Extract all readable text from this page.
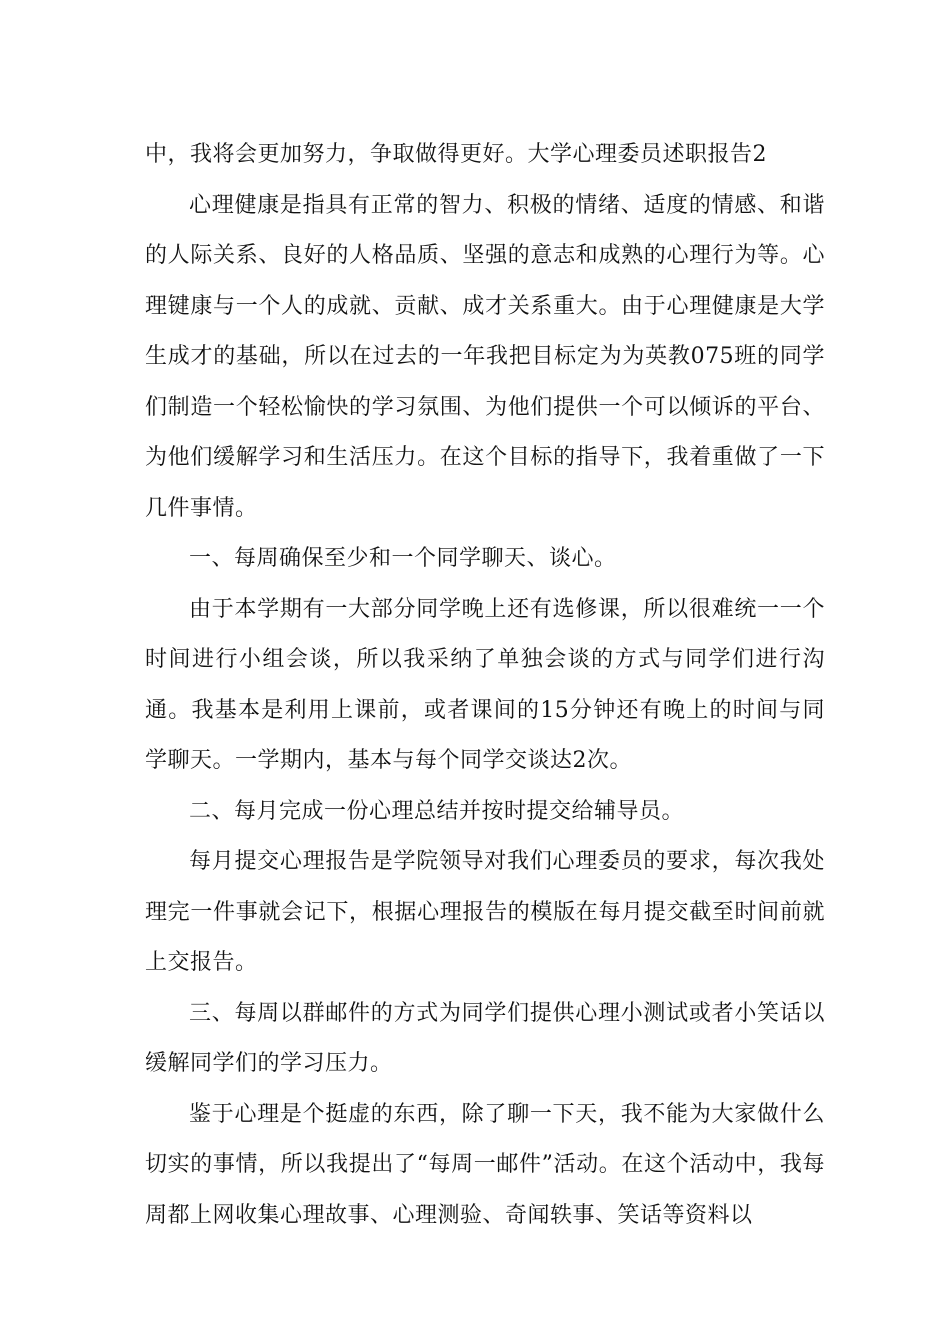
中，我将会更加努力，争取做得更好。大学心理委员述职报告2

心理健康是指具有正常的智力、积极的情绪、适度的情感、和谐的人际关系、良好的人格品质、坚强的意志和成熟的心理行为等。心理键康与一个人的成就、贡献、成才关系重大。由于心理健康是大学生成才的基础，所以在过去的一年我把目标定为为英教075班的同学们制造一个轻松愉快的学习氛围、为他们提供一个可以倾诉的平台、为他们缓解学习和生活压力。在这个目标的指导下，我着重做了一下几件事情。

一、每周确保至少和一个同学聊天、谈心。

由于本学期有一大部分同学晚上还有选修课，所以很难统一一个时间进行小组会谈，所以我采纳了单独会谈的方式与同学们进行沟通。我基本是利用上课前，或者课间的15分钟还有晚上的时间与同学聊天。一学期内，基本与每个同学交谈达2次。

二、每月完成一份心理总结并按时提交给辅导员。

每月提交心理报告是学院领导对我们心理委员的要求，每次我处理完一件事就会记下，根据心理报告的模版在每月提交截至时间前就上交报告。

三、每周以群邮件的方式为同学们提供心理小测试或者小笑话以缓解同学们的学习压力。

鉴于心理是个挺虚的东西，除了聊一下天，我不能为大家做什么切实的事情，所以我提出了“每周一邮件”活动。在这个活动中，我每周都上网收集心理故事、心理测验、奇闻轶事、笑话等资料以
